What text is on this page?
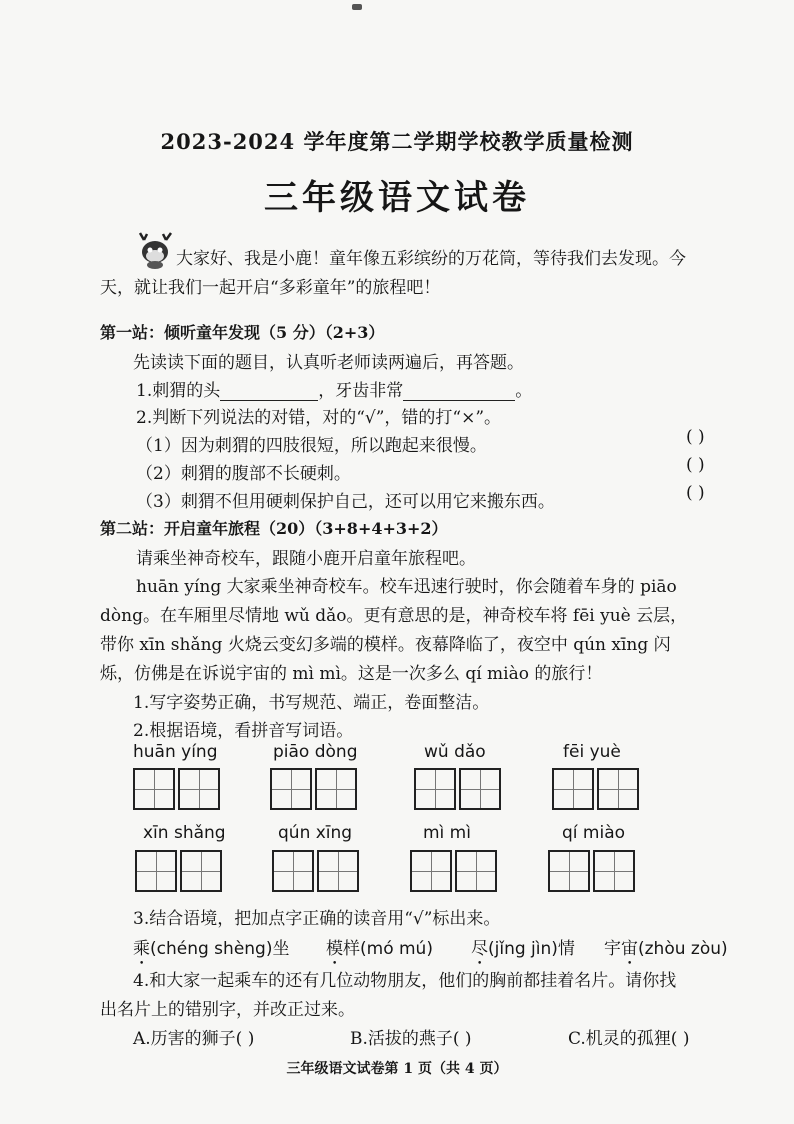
2023-2024 学年度第二学期学校教学质量检测
三年级语文试卷
大家好、我是小鹿！童年像五彩缤纷的万花筒，等待我们去发现。今
天，就让我们一起开启“多彩童年”的旅程吧！
第一站：倾听童年发现（5 分）（2+3）
先读读下面的题目，认真听老师读两遍后，再答题。
1.刺猬的头	，牙齿非常	。
2.判断下列说法的对错，对的“√”，错的打“×”。
（1）因为刺猬的四肢很短，所以跑起来很慢。	( )
（2）刺猬的腹部不长硬刺。	( )
（3）刺猬不但用硬刺保护自己，还可以用它来搬东西。	( )
第二站：开启童年旅程（20）（3+8+4+3+2）
请乘坐神奇校车，跟随小鹿开启童年旅程吧。
huān yíng 大家乘坐神奇校车。校车迅速行驶时，你会随着车身的 piāo
dòng。在车厢里尽情地 wǔ dǎo。更有意思的是，神奇校车将 fēi yuè 云层，
带你 xīn shǎng 火烧云变幻多端的模样。夜幕降临了，夜空中 qún xīng 闪
烁，仿佛是在诉说宇宙的 mì mì。这是一次多么 qí miào 的旅行！
1.写字姿势正确，书写规范、端正，卷面整洁。
2.根据语境，看拼音写词语。
huān yíng	piāo dòng	wǔ dǎo	fēi yuè
xīn shǎng	qún xīng	mì mì	qí miào
3.结合语境，把加点字正确的读音用“√”标出来。
乘(chéng shèng)坐 模样(mó mú) 尽(jǐng jìn)情 宇宙(zhòu zòu)
4.和大家一起乘车的还有几位动物朋友，他们的胸前都挂着名片。请你找
出名片上的错别字，并改正过来。
A.历害的狮子( )	B.活拔的燕子( )	C.机灵的孤狸( )
三年级语文试卷第 1 页（共 4 页）
